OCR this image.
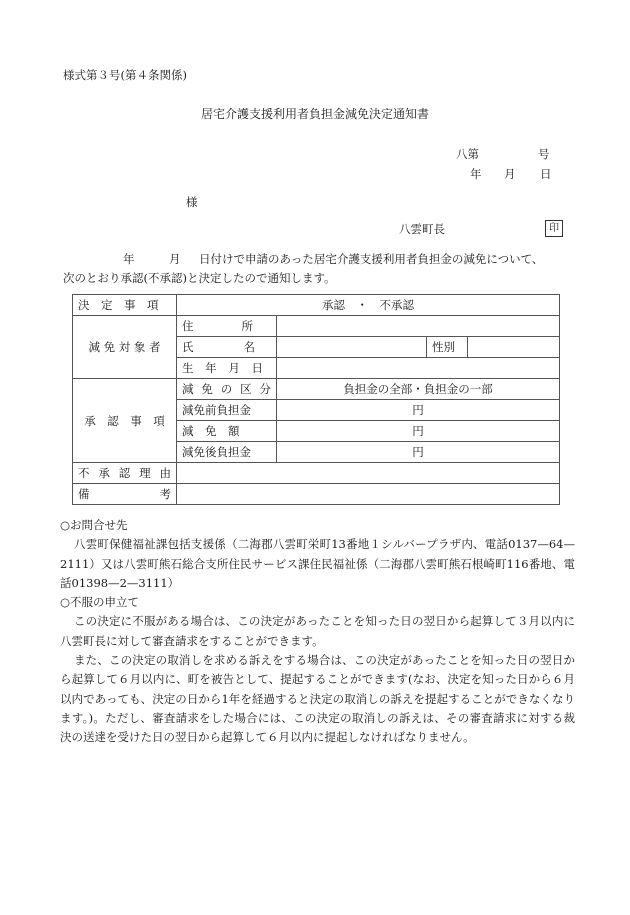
様式第３号(第４条関係)
居宅介護支援利用者負担金減免決定通知書
八第	号
年 月 日
様
八雲町長	印
年	月 日付けで申請のあった居宅介護支援利用者負担金の減免について、
次のとおり承認(不承認)と決定したので通知します。
決　定　事　項	承認　・　不承認			
減 免 対 象 者	住 所			

	氏 名		性別	

	生 年 月 日			

承　認　事　項	減 免 の 区 分	負担金の全部・負担金の一部		
	減免前負担金	円		
	減　免　額	円		
	減免後負担金	円		

不 承 認 理 由				

備 考				

○お問合せ先

八雲町保健福祉課包括支援係（二海郡八雲町栄町13番地１シルバープラザ内、電話0137—64—2111）又は八雲町熊石総合支所住民サービス課住民福祉係（二海郡八雲町熊石根崎町116番地、電話01398—2—3111）

○不服の申立て

この決定に不服がある場合は、この決定があったことを知った日の翌日から起算して３月以内に八雲町長に対して審査請求をすることができます。

また、この決定の取消しを求める訴えをする場合は、この決定があったことを知った日の翌日から起算して６月以内に、町を被告として、提起することができます(なお、決定を知った日から６月以内であっても、決定の日から1年を経過すると決定の取消しの訴えを提起することができなくなります。)。ただし、審査請求をした場合には、この決定の取消しの訴えは、その審査請求に対する裁決の送達を受けた日の翌日から起算して６月以内に提起しなければなりません。
